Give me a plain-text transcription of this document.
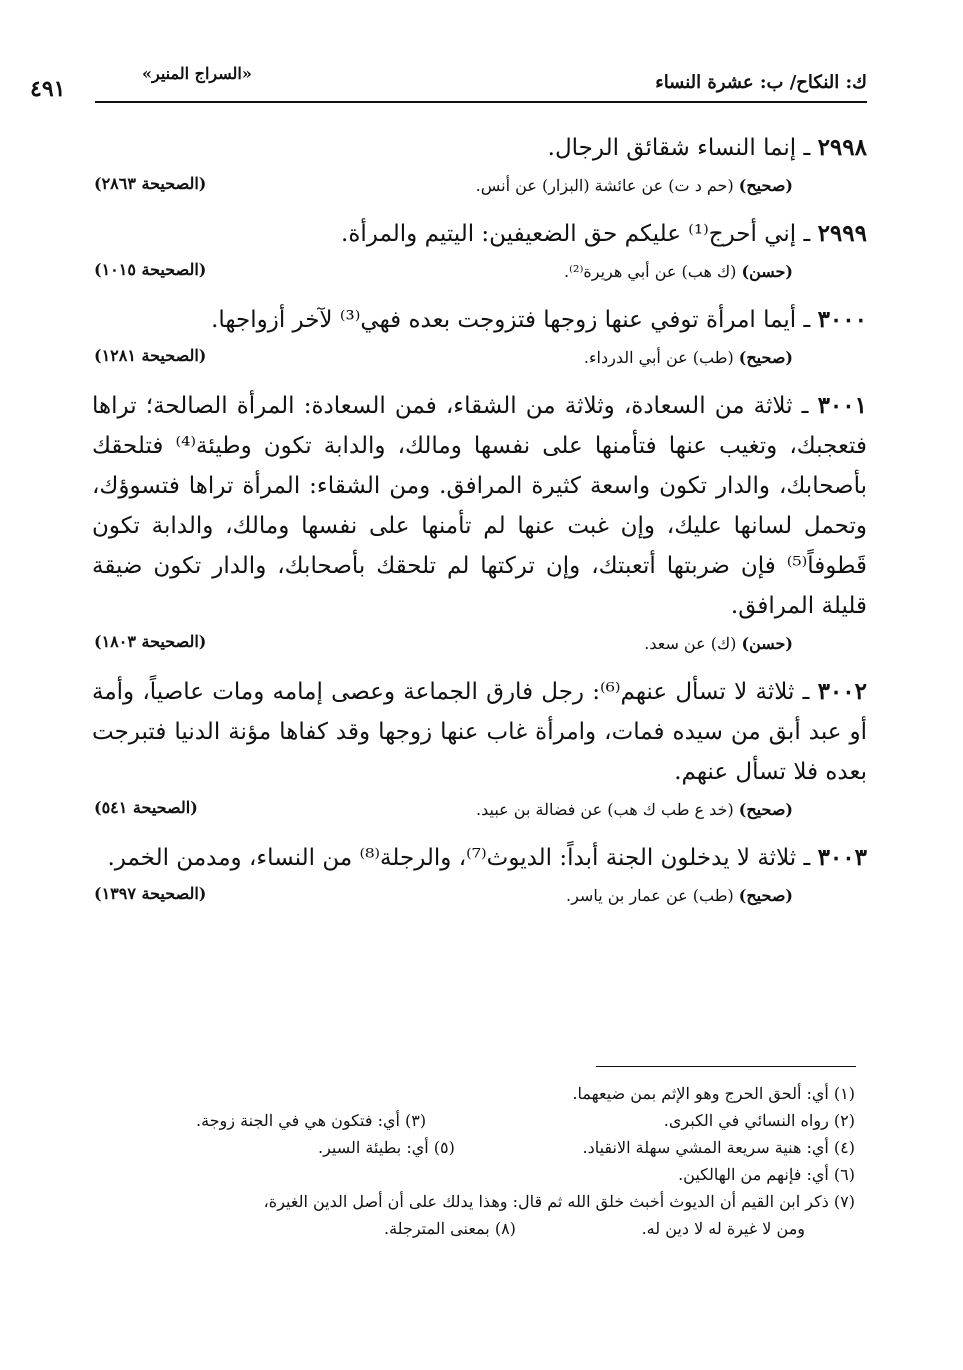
ك: النكاح/ ب: عشرة النساء
«السراج المنير»
٤٩١
٢٩٩٨ ـ إنما النساء شقائق الرجال.
(صحيح) (حم د ت) عن عائشة (البزار) عن أنس.
(الصحيحة ٢٨٦٣)
٢٩٩٩ ـ إني أحرج⁽¹⁾ عليكم حق الضعيفين: اليتيم والمرأة.
(حسن) (ك هب) عن أبي هريرة⁽²⁾.
(الصحيحة ١٠١٥)
٣٠٠٠ ـ أيما امرأة توفي عنها زوجها فتزوجت بعده فهي⁽³⁾ لآخر أزواجها.
(صحيح) (طب) عن أبي الدرداء.
(الصحيحة ١٢٨١)
٣٠٠١ ـ ثلاثة من السعادة، وثلاثة من الشقاء، فمن السعادة: المرأة الصالحة؛ تراها فتعجبك، وتغيب عنها فتأمنها على نفسها ومالك، والدابة تكون وطيئة⁽⁴⁾ فتلحقك بأصحابك، والدار تكون واسعة كثيرة المرافق. ومن الشقاء: المرأة تراها فتسوؤك، وتحمل لسانها عليك، وإن غبت عنها لم تأمنها على نفسها ومالك، والدابة تكون قَطوفاً⁽⁵⁾ فإن ضربتها أتعبتك، وإن تركتها لم تلحقك بأصحابك، والدار تكون ضيقة قليلة المرافق.
(حسن) (ك) عن سعد.
(الصحيحة ١٨٠٣)
٣٠٠٢ ـ ثلاثة لا تسأل عنهم⁽⁶⁾: رجل فارق الجماعة وعصى إمامه ومات عاصياً، وأمة أو عبد أبق من سيده فمات، وامرأة غاب عنها زوجها وقد كفاها مؤنة الدنيا فتبرجت بعده فلا تسأل عنهم.
(صحيح) (خد ع طب ك هب) عن فضالة بن عبيد.
(الصحيحة ٥٤١)
٣٠٠٣ ـ ثلاثة لا يدخلون الجنة أبداً: الديوث⁽⁷⁾، والرجلة⁽⁸⁾ من النساء، ومدمن الخمر.
(صحيح) (طب) عن عمار بن ياسر.
(الصحيحة ١٣٩٧)
(١) أي: ألحق الحرج وهو الإثم بمن ضيعهما.
(٢) رواه النسائي في الكبرى.
(٣) أي: فتكون هي في الجنة زوجة.
(٤) أي: هنية سريعة المشي سهلة الانقياد.
(٥) أي: بطيئة السير.
(٦) أي: فإنهم من الهالكين.
(٧) ذكر ابن القيم أن الديوث أخبث خلق الله ثم قال: وهذا يدلك على أن أصل الدين الغيرة،
ومن لا غيرة له لا دين له.
(٨) بمعنى المترجلة.
